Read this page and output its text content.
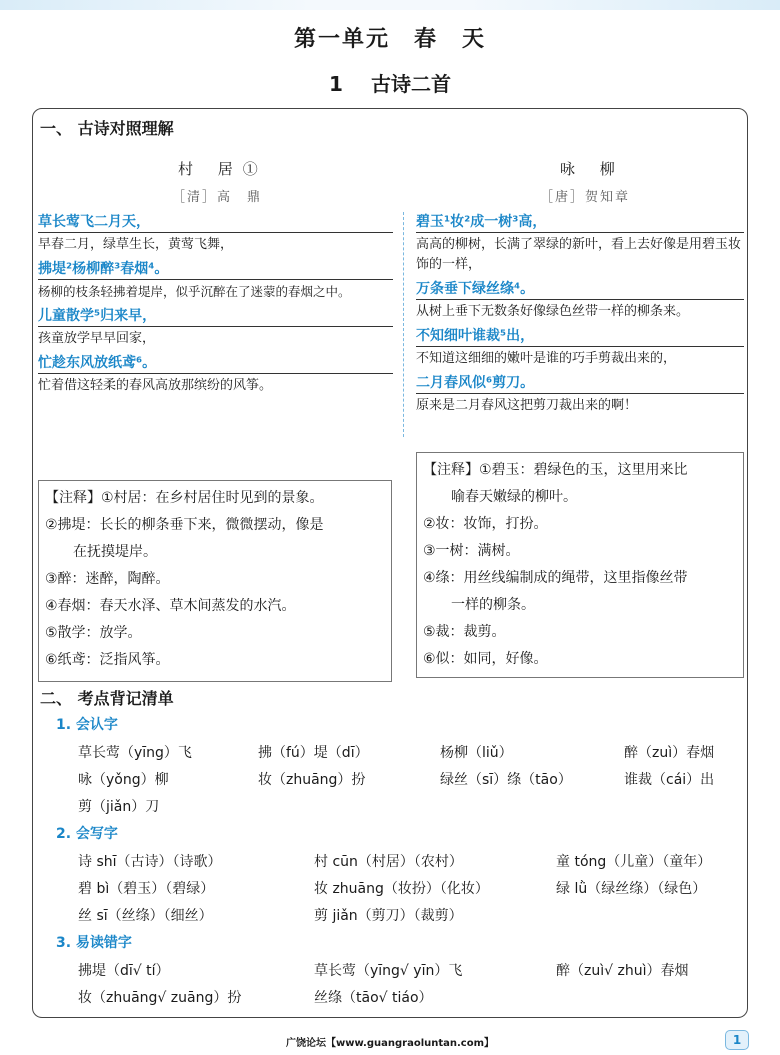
第一单元　春　天
1 古诗二首
一、 古诗对照理解
村 居①
［清］高　鼎
咏 柳
［唐］贺知章
草长莺飞二月天，
早春二月，绿草生长，黄莺飞舞，
拂堤²杨柳醉³春烟⁴。
杨柳的枝条轻拂着堤岸，似乎沉醉在了迷蒙的春烟之中。
儿童散学⁵归来早，
孩童放学早早回家，
忙趁东风放纸鸢⁶。
忙着借这轻柔的春风高放那缤纷的风筝。
碧玉¹妆²成一树³高，
高高的柳树，长满了翠绿的新叶，看上去好像是用碧玉妆饰的一样，
万条垂下绿丝绦⁴。
从树上垂下无数条好像绿色丝带一样的柳条来。
不知细叶谁裁⁵出，
不知道这细细的嫩叶是谁的巧手剪裁出来的，
二月春风似⁶剪刀。
原来是二月春风这把剪刀裁出来的啊！
【注释】①村居：在乡村居住时见到的景象。
②拂堤：长长的柳条垂下来，微微摆动，像是
在抚摸堤岸。
③醉：迷醉，陶醉。
④春烟：春天水泽、草木间蒸发的水汽。
⑤散学：放学。
⑥纸鸢：泛指风筝。
【注释】①碧玉：碧绿色的玉，这里用来比
喻春天嫩绿的柳叶。
②妆：妆饰，打扮。
③一树：满树。
④绦：用丝线编制成的绳带，这里指像丝带
一样的柳条。
⑤裁：裁剪。
⑥似：如同，好像。
二、 考点背记清单
1. 会认字
草长莺（yīng）飞	拂（fú）堤（dī）	杨柳（liǔ）	醉（zuì）春烟
咏（yǒng）柳	妆（zhuāng）扮	绿丝（sī）绦（tāo）	谁裁（cái）出
剪（jiǎn）刀
2. 会写字
诗 shī（古诗）（诗歌）	村 cūn（村居）（农村）	童 tóng（儿童）（童年）
碧 bì（碧玉）（碧绿）	妆 zhuāng（妆扮）（化妆）	绿 lǜ（绿丝绦）（绿色）
丝 sī（丝绦）（细丝）	剪 jiǎn（剪刀）（裁剪）
3. 易读错字
拂堤（dī√ tí）	草长莺（yīng√ yīn）飞	醉（zuì√ zhuì）春烟
妆（zhuāng√ zuāng）扮	丝绦（tāo√ tiáo）
广饶论坛【www.guangraoluntan.com】	1
